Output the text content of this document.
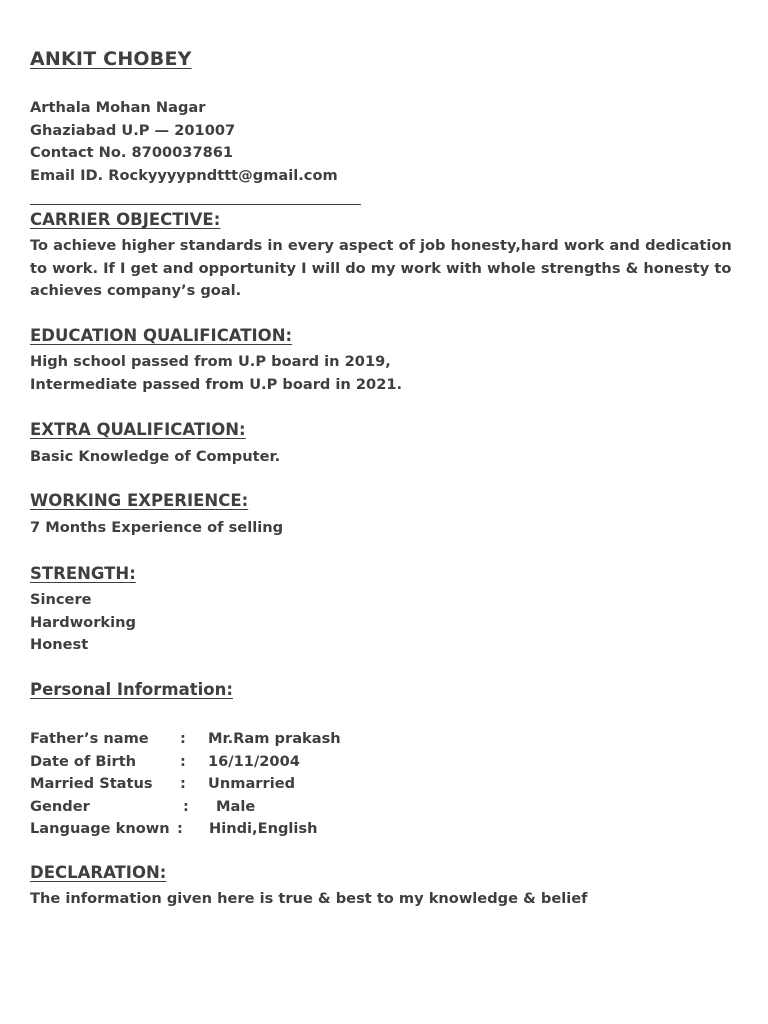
ANKIT CHOBEY
Arthala Mohan Nagar
Ghaziabad U.P — 201007
Contact No. 8700037861
Email ID. Rockyyyypndttt@gmail.com
CARRIER OBJECTIVE:

To achieve higher standards in every aspect of job honesty,hard work and dedication to work. If I get and opportunity I will do my work with whole strengths & honesty to achieves company’s goal.

EDUCATION QUALIFICATION:
High school passed from U.P board in 2019,
Intermediate passed from U.P board in 2021.
EXTRA QUALIFICATION:
Basic Knowledge of Computer.
WORKING EXPERIENCE:
7 Months Experience of selling
STRENGTH:
Sincere
Hardworking
Honest
Personal Information:
Father’s name : Mr.Ram prakash
Date of Birth	: 16/11/2004
Married Status : Unmarried
Gender	: Male
Language known : Hindi,English
DECLARATION:

The information given here is true & best to my knowledge & belief
